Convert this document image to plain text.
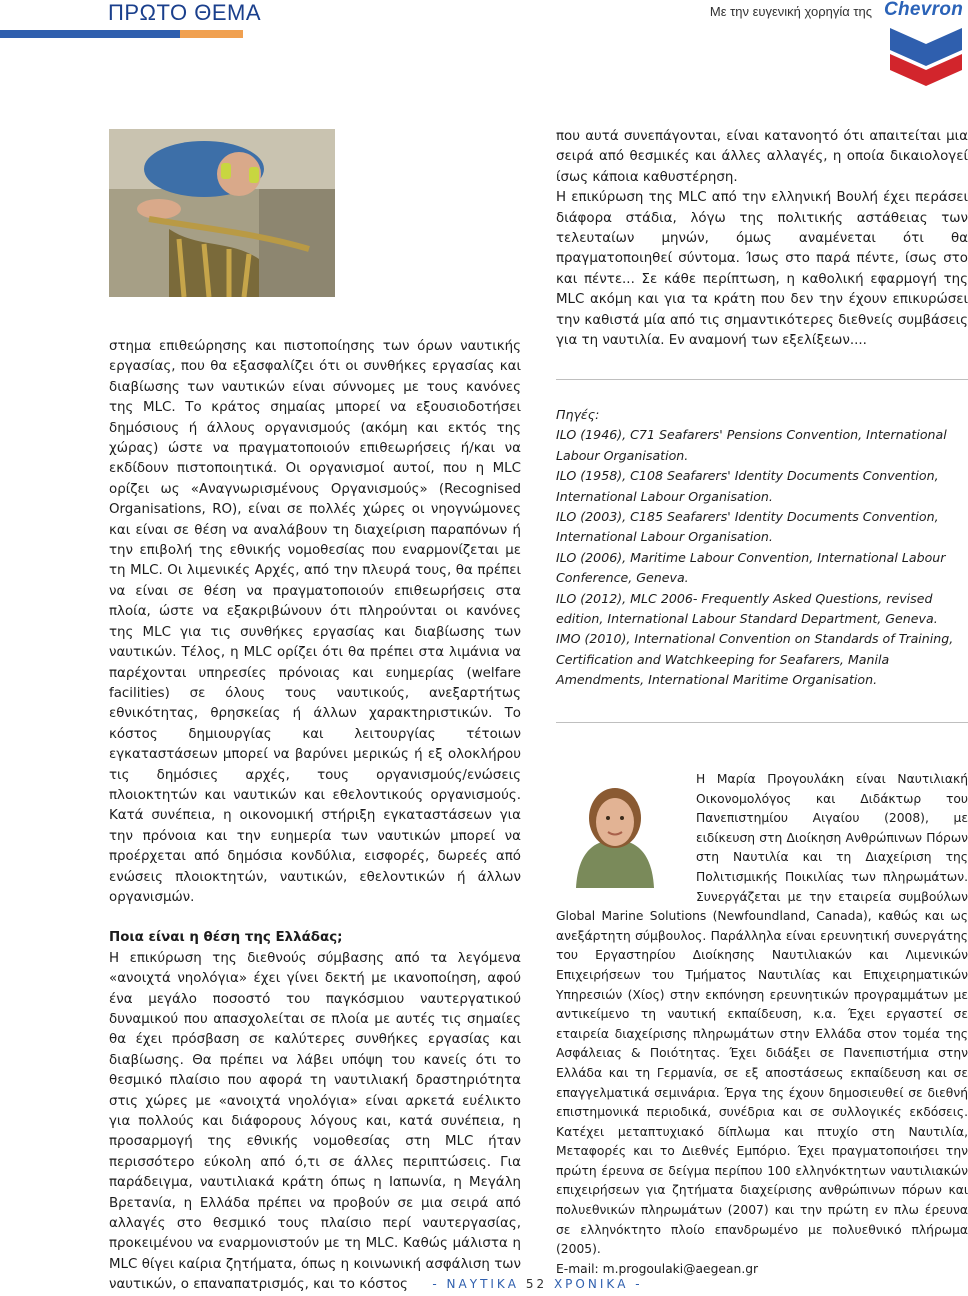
ΠΡΩΤΟ ΘΕΜΑ	Με την ευγενική χορηγία της Chevron

στημα επιθεώρησης και πιστοποίησης των όρων ναυτικής εργασίας, που θα εξασφαλίζει ότι οι συνθήκες εργασίας και διαβίωσης των ναυτικών είναι σύννομες με τους κανόνες της MLC. Το κράτος σημαίας μπορεί να εξουσιοδοτήσει δημόσιους ή άλλους οργανισμούς (ακόμη και εκτός της χώρας) ώστε να πραγματοποιούν επιθεωρήσεις ή/και να εκδίδουν πιστοποιητικά. Οι οργανισμοί αυτοί, που η MLC ορίζει ως «Αναγνωρισμένους Οργανισμούς» (Recognised Organisations, RO), είναι σε πολλές χώρες οι νηογνώμονες και είναι σε θέση να αναλάβουν τη διαχείριση παραπόνων ή την επιβολή της εθνικής νομοθεσίας που εναρμονίζεται με τη MLC. Οι λιμενικές Αρχές, από την πλευρά τους, θα πρέπει να είναι σε θέση να πραγματοποιούν επιθεωρήσεις στα πλοία, ώστε να εξακριβώνουν ότι πληρούνται οι κανόνες της MLC για τις συνθήκες εργασίας και διαβίωσης των ναυτικών. Τέλος, η MLC ορίζει ότι θα πρέπει στα λιμάνια να παρέχονται υπηρεσίες πρόνοιας και ευημερίας (welfare facilities) σε όλους τους ναυτικούς, ανεξαρτήτως εθνικότητας, θρησκείας ή άλλων χαρακτηριστικών. Το κόστος δημιουργίας και λειτουργίας τέτοιων εγκαταστάσεων μπορεί να βαρύνει μερικώς ή εξ ολοκλήρου τις δημόσιες αρχές, τους οργανισμούς/ενώσεις πλοιοκτητών και ναυτικών και εθελοντικούς οργανισμούς. Κατά συνέπεια, η οικονομική στήριξη εγκαταστάσεων για την πρόνοια και την ευημερία των ναυτικών μπορεί να προέρχεται από δημόσια κονδύλια, εισφορές, δωρεές από ενώσεις πλοιοκτητών, ναυτικών, εθελοντικών ή άλλων οργανισμών.

Ποια είναι η θέση της Ελλάδας;

Η επικύρωση της διεθνούς σύμβασης από τα λεγόμενα «ανοιχτά νηολόγια» έχει γίνει δεκτή με ικανοποίηση, αφού ένα μεγάλο ποσοστό του παγκόσμιου ναυτεργατικού δυναμικού που απασχολείται σε πλοία με αυτές τις σημαίες θα έχει πρόσβαση σε καλύτερες συνθήκες εργασίας και διαβίωσης. Θα πρέπει να λάβει υπόψη του κανείς ότι το θεσμικό πλαίσιο που αφορά τη ναυτιλιακή δραστηριότητα στις χώρες με «ανοιχτά νηολόγια» είναι αρκετά ευέλικτο για πολλούς και διάφορους λόγους και, κατά συνέπεια, η προσαρμογή της εθνικής νομοθεσίας στη MLC ήταν περισσότερο εύκολη από ό,τι σε άλλες περιπτώσεις. Για παράδειγμα, ναυτιλιακά κράτη όπως η Ιαπωνία, η Μεγάλη Βρετανία, η Ελλάδα πρέπει να προβούν σε μια σειρά από αλλαγές στο θεσμικό τους πλαίσιο περί ναυτεργασίας, προκειμένου να εναρμονιστούν με τη MLC. Καθώς μάλιστα η MLC θίγει καίρια ζητήματα, όπως η κοινωνική ασφάλιση των ναυτικών, ο επαναπατρισμός, και το κόστος

που αυτά συνεπάγονται, είναι κατανοητό ότι απαιτείται μια σειρά από θεσμικές και άλλες αλλαγές, η οποία δικαιολογεί ίσως κάποια καθυστέρηση.

Η επικύρωση της MLC από την ελληνική Βουλή έχει περάσει διάφορα στάδια, λόγω της πολιτικής αστάθειας των τελευταίων μηνών, όμως αναμένεται ότι θα πραγματοποιηθεί σύντομα. Ίσως στο παρά πέντε, ίσως στο και πέντε... Σε κάθε περίπτωση, η καθολική εφαρμογή της MLC ακόμη και για τα κράτη που δεν την έχουν επικυρώσει την καθιστά μία από τις σημαντικότερες διεθνείς συμβάσεις για τη ναυτιλία. Εν αναμονή των εξελίξεων....

Πηγές:

ILO (1946), C71 Seafarers' Pensions Convention, International Labour Organisation.

ILO (1958), C108 Seafarers' Identity Documents Convention, International Labour Organisation.

ILO (2003), C185 Seafarers' Identity Documents Convention, International Labour Organisation.

ILO (2006), Maritime Labour Convention, International Labour Conference, Geneva.

ILO (2012), MLC 2006- Frequently Asked Questions, revised edition, International Labour Standard Department, Geneva.

IMO (2010), International Convention on Standards of Training, Certification and Watchkeeping for Seafarers, Manila Amendments, International Maritime Organisation.

Η Μαρία Προγουλάκη είναι Ναυτιλιακή Οικονομολόγος και Διδάκτωρ του Πανεπιστημίου Αιγαίου (2008), με ειδίκευση στη Διοίκηση Ανθρώπινων Πόρων στη Ναυτιλία και τη Διαχείριση της Πολιτισμικής Ποικιλίας των πληρωμάτων. Συνεργάζεται με την εταιρεία συμβούλων Global Marine Solutions (Newfoundland, Canada), καθώς και ως ανεξάρτητη σύμβουλος. Παράλληλα είναι ερευνητική συνεργάτης του Εργαστηρίου Διοίκησης Ναυτιλιακών και Λιμενικών Επιχειρήσεων του Τμήματος Ναυτιλίας και Επιχειρηματικών Υπηρεσιών (Χίος) στην εκπόνηση ερευνητικών προγραμμάτων με αντικείμενο τη ναυτική εκπαίδευση, κ.α. Έχει εργαστεί σε εταιρεία διαχείρισης πληρωμάτων στην Ελλάδα στον τομέα της Ασφάλειας & Ποιότητας. Έχει διδάξει σε Πανεπιστήμια στην Ελλάδα και τη Γερμανία, σε εξ αποστάσεως εκπαίδευση και σε επαγγελματικά σεμινάρια. Έργα της έχουν δημοσιευθεί σε διεθνή επιστημονικά περιοδικά, συνέδρια και σε συλλογικές εκδόσεις. Κατέχει μεταπτυχιακό δίπλωμα και πτυχίο στη Ναυτιλία, Μεταφορές και το Διεθνές Εμπόριο. Έχει πραγματοποιήσει την πρώτη έρευνα σε δείγμα περίπου 100 ελληνόκτητων ναυτιλιακών επιχειρήσεων για ζητήματα διαχείρισης ανθρώπινων πόρων και πολυεθνικών πληρωμάτων (2007) και την πρώτη εν πλω έρευνα σε ελληνόκτητο πλοίο επανδρωμένο με πολυεθνικό πλήρωμα (2005).

E-mail: m.progoulaki@aegean.gr

- ΝΑΥΤΙΚΑ 52 ΧΡΟΝΙΚΑ -
